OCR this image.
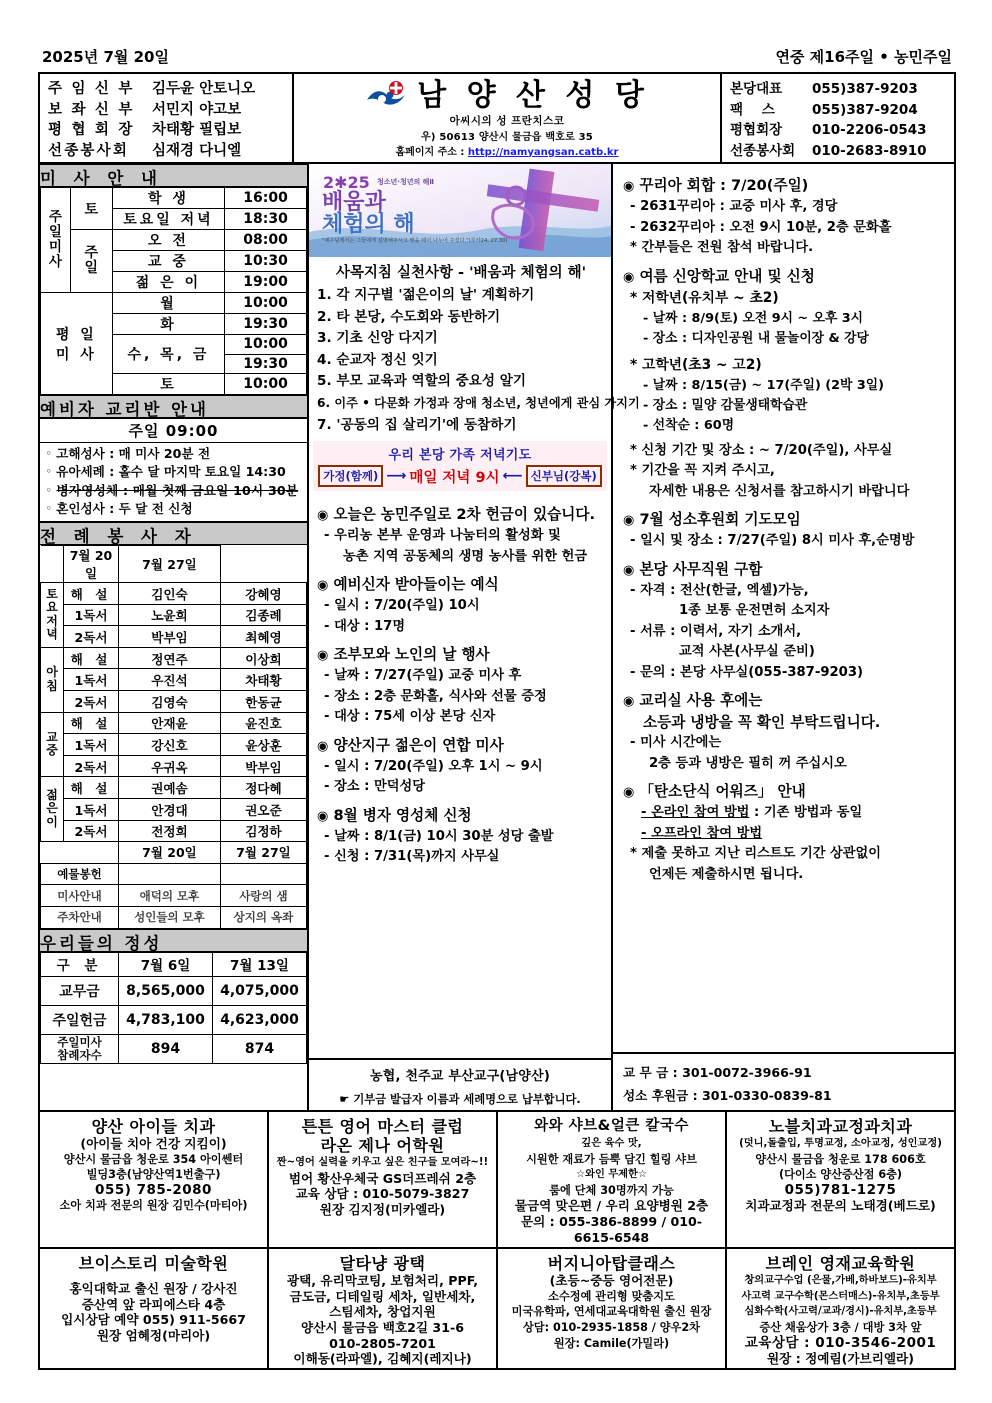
2025년 7월 20일	연중 제16주일 • 농민주일
주 임 신 부	김두윤 안토니오
보 좌 신 부	서민지 야고보
평 협 회 장	차태황 필립보
선종봉사회	심재경 다니엘
남 양 산 성 당
아씨시의 성 프란치스코
우) 50613 양산시 물금읍 백호로 35
홈페이지 주소 : http://namyangsan.catb.kr
본당대표	055)387-9203
팩 스	055)387-9204
평협회장	010-2206-0543
선종봉사회	010-2683-8910
미 사 안 내
주
일
미
사	토	학 생	16:00
		토요일 저녁	18:30

	주
일	오 전	08:00
		교 중	10:30
		젊 은 이	19:00
평 일
미 사		월	10:00
		화	19:30
		수, 목, 금	10:00
			19:30
		토	10:00
예비자 교리반 안내
주일 09:00
◦ 고해성사 : 매 미사 20분 전
◦ 유아세례 : 홀수 달 마지막 토요일 14:30
◦ 병자영성체 : 매월 첫째 금요일 10시 30분
◦ 혼인성사 : 두 달 전 신청
전 례 봉 사 자
	7월 20일	7월 27일	

토
요
저
녁	해 설	김인숙	강혜영
	1독서	노윤희	김종례
	2독서	박부임	최혜영

아
침	해 설	정연주	이상희
	1독서	우진석	차태황
	2독서	김영숙	한동균

교
중	해 설	안재윤	윤진호
	1독서	강신호	윤상훈
	2독서	우귀옥	박부임

젊
은
이	해 설	권예솜	정다혜
	1독서	안경대	권오준
	2독서	전정희	김정하
		7월 20일	7월 27일
예물봉헌			
미사안내		애덕의 모후	사랑의 샘
주차안내		성인들의 모후	상지의 옥좌
우리들의 정성
구 분	7월 6일	7월 13일
교무금	8,565,000	4,075,000
주일헌금	4,783,100	4,623,000
주일미사
참례자수	894	874
2✱25 청소년·청년의 해Ⅱ
배움과
체험의 해
"예수님께서는 그들에게 설명해주시고 빵을 떼어 나누어 주셨다."(루카24, 27.30)
사목지침 실천사항 - '배움과 체험의 해'
1. 각 지구별 '젊은이의 날' 계획하기
2. 타 본당, 수도회와 동반하기
3. 기초 신앙 다지기
4. 순교자 정신 잇기
5. 부모 교육과 역할의 중요성 알기
6. 이주 • 다문화 가정과 장애 청소년, 청년에게 관심 가지기
7. '공동의 집 살리기'에 동참하기
우리 본당 가족 저녁기도
가정(함께) ⟶ 매일 저녁 9시 ⟵ 신부님(강복)
◉ 오늘은 농민주일로 2차 헌금이 있습니다.
- 우리농 본부 운영과 나눔터의 활성화 및
농촌 지역 공동체의 생명 농사를 위한 헌금
◉ 예비신자 받아들이는 예식
- 일시 : 7/20(주일) 10시
- 대상 : 17명
◉ 조부모와 노인의 날 행사
- 날짜 : 7/27(주일) 교중 미사 후
- 장소 : 2층 문화홀, 식사와 선물 증정
- 대상 : 75세 이상 본당 신자
◉ 양산지구 젊은이 연합 미사
- 일시 : 7/20(주일) 오후 1시 ~ 9시
- 장소 : 만덕성당
◉ 8월 병자 영성체 신청
- 날짜 : 8/1(금) 10시 30분 성당 출발
- 신청 : 7/31(목)까지 사무실
농협, 천주교 부산교구(남양산)
☛ 기부금 발급자 이름과 세례명으로 납부합니다.
◉ 꾸리아 회합 : 7/20(주일)
- 2631꾸리아 : 교중 미사 후, 경당
- 2632꾸리아 : 오전 9시 10분, 2층 문화홀
* 간부들은 전원 참석 바랍니다.
◉ 여름 신앙학교 안내 및 신청
* 저학년(유치부 ~ 초2)
- 날짜 : 8/9(토) 오전 9시 ~ 오후 3시
- 장소 : 디자인공원 내 물놀이장 & 강당
* 고학년(초3 ~ 고2)
- 날짜 : 8/15(금) ~ 17(주일) (2박 3일)
- 장소 : 밀양 감물생태학습관
- 선착순 : 60명
* 신청 기간 및 장소 : ~ 7/20(주일), 사무실
* 기간을 꼭 지켜 주시고,
자세한 내용은 신청서를 참고하시기 바랍니다
◉ 7월 성소후원회 기도모임
- 일시 및 장소 : 7/27(주일) 8시 미사 후,순명방
◉ 본당 사무직원 구함
- 자격 : 전산(한글, 엑셀)가능,
1종 보통 운전면허 소지자
- 서류 : 이력서, 자기 소개서,
교적 사본(사무실 준비)
- 문의 : 본당 사무실(055-387-9203)
◉ 교리실 사용 후에는
소등과 냉방을 꼭 확인 부탁드립니다.
- 미사 시간에는
2층 등과 냉방은 필히 꺼 주십시오
◉ 「탄소단식 어워즈」 안내
- 온라인 참여 방법 : 기존 방법과 동일
- 오프라인 참여 방법
* 제출 못하고 지난 리스트도 기간 상관없이
언제든 제출하시면 됩니다.
교 무 금 : 301-0072-3966-91
성소 후원금 : 301-0330-0839-81
양산 아이들 치과
(아이들 치아 건강 지킴이)
양산시 물금읍 청운로 354 아이쎈터
빌딩3층(남양산역1번출구)
055) 785-2080
소아 치과 전문의 원장 김민수(마티아)
튼튼 영어 마스터 클럽
라온 제나 어학원
짠~영어 실력을 키우고 싶은 친구들 모여라~!!
범어 황산우체국 GS더프레쉬 2층
교육 상담 : 010-5079-3827
원장 김지정(미카엘라)
와와 샤브&얼큰 칼국수
깊은 육수 맛,
시원한 재료가 듬뿍 담긴 힐링 샤브
☆와인 무제한☆
룸에 단체 30명까지 가능
물금역 맞은편 / 우리 요양병원 2층
문의 : 055-386-8899 / 010-6615-6548
노블치과교정과치과
(덧니,돌출입, 투명교정, 소아교정, 성인교정)
양산시 물금읍 청운로 178 606호
(다이소 양산증산점 6층)
055)781-1275
치과교정과 전문의 노태경(베드로)
브이스토리 미술학원
홍익대학교 출신 원장 / 강사진
증산역 앞 라피에스타 4층
입시상담 예약 055) 911-5667
원장 엄혜정(마리아)
달타냥 광택
광택, 유리막코팅, 보험처리, PPF,
금도금, 디테일링 세차, 일반세차,
스팀세차, 창업지원
양산시 물금읍 백호2길 31-6
010-2805-7201
이해동(라파엘), 김혜지(레지나)
버지니아탑클래스
(초등~중등 영어전문)
소수정예 관리형 맞춤지도
미국유학파, 연세대교육대학원 출신 원장
상담: 010-2935-1858 / 양우2차
원장: Camile(가밀라)
브레인 영재교육학원
창의교구수업 (은물,가베,하바보드)-유치부
사고력 교구수학(몬스터매스)-유치부,초등부
심화수학(사고력/교과/경시)-유치부,초등부
증산 채움상가 3층 / 대방 3차 앞
교육상담 : 010-3546-2001
원장 : 정예림(가브리엘라)
